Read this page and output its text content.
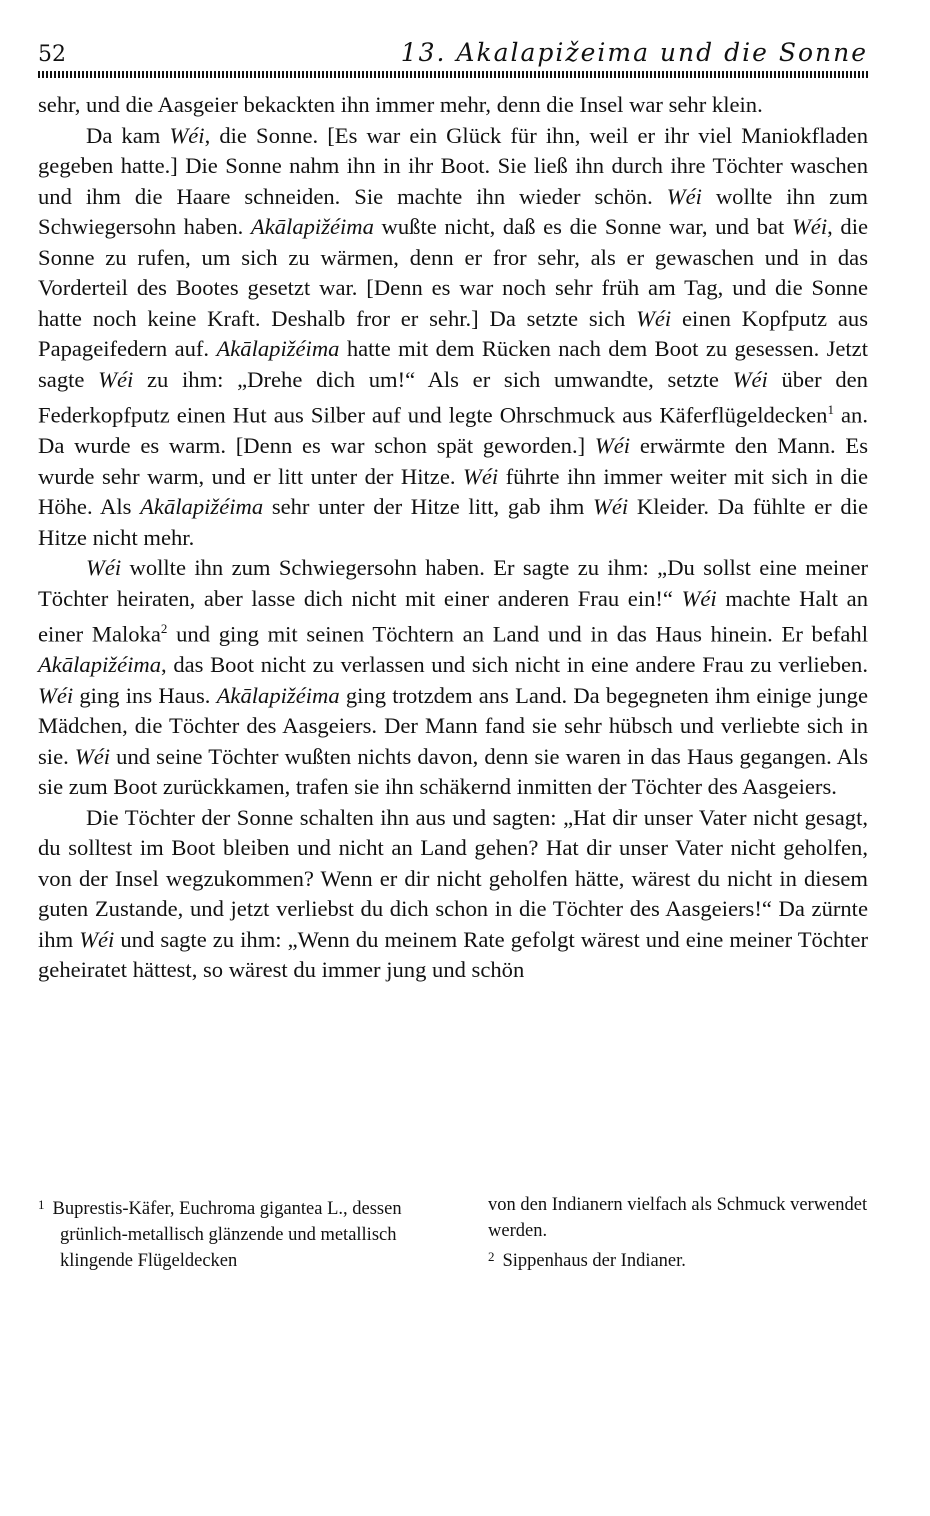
52	13. Akalapižeima und die Sonne

sehr, und die Aasgeier bekackten ihn immer mehr, denn die Insel war sehr klein.

Da kam Wéi, die Sonne. [Es war ein Glück für ihn, weil er ihr viel Maniokfladen gegeben hatte.] Die Sonne nahm ihn in ihr Boot. Sie ließ ihn durch ihre Töchter waschen und ihm die Haare schneiden. Sie machte ihn wieder schön. Wéi wollte ihn zum Schwiegersohn haben. Akālapižéima wußte nicht, daß es die Sonne war, und bat Wéi, die Sonne zu rufen, um sich zu wärmen, denn er fror sehr, als er gewaschen und in das Vorderteil des Bootes gesetzt war. [Denn es war noch sehr früh am Tag, und die Sonne hatte noch keine Kraft. Deshalb fror er sehr.] Da setzte sich Wéi einen Kopfputz aus Papageifedern auf. Akālapižéima hatte mit dem Rücken nach dem Boot zu gesessen. Jetzt sagte Wéi zu ihm: „Drehe dich um!“ Als er sich umwandte, setzte Wéi über den Federkopfputz einen Hut aus Silber auf und legte Ohrschmuck aus Käferflügeldecken$^1$ an. Da wurde es warm. [Denn es war schon spät geworden.] Wéi erwärmte den Mann. Es wurde sehr warm, und er litt unter der Hitze. Wéi führte ihn immer weiter mit sich in die Höhe. Als Akālapižéima sehr unter der Hitze litt, gab ihm Wéi Kleider. Da fühlte er die Hitze nicht mehr.

Wéi wollte ihn zum Schwiegersohn haben. Er sagte zu ihm: „Du sollst eine meiner Töchter heiraten, aber lasse dich nicht mit einer anderen Frau ein!“ Wéi machte Halt an einer Maloka$^2$ und ging mit seinen Töchtern an Land und in das Haus hinein. Er befahl Akālapižéima, das Boot nicht zu verlassen und sich nicht in eine andere Frau zu verlieben. Wéi ging ins Haus. Akālapižéima ging trotzdem ans Land. Da begegneten ihm einige junge Mädchen, die Töchter des Aasgeiers. Der Mann fand sie sehr hübsch und verliebte sich in sie. Wéi und seine Töchter wußten nichts davon, denn sie waren in das Haus gegangen. Als sie zum Boot zurückkamen, trafen sie ihn schäkernd inmitten der Töchter des Aasgeiers.

Die Töchter der Sonne schalten ihn aus und sagten: „Hat dir unser Vater nicht gesagt, du solltest im Boot bleiben und nicht an Land gehen? Hat dir unser Vater nicht geholfen, von der Insel wegzukommen? Wenn er dir nicht geholfen hätte, wärest du nicht in diesem guten Zustande, und jetzt verliebst du dich schon in die Töchter des Aasgeiers!“ Da zürnte ihm Wéi und sagte zu ihm: „Wenn du meinem Rate gefolgt wärest und eine meiner Töchter geheiratet hättest, so wärest du immer jung und schön

$^1$ Buprestis-Käfer, Euchroma gigantea L., dessen grünlich-metallisch glänzende und metallisch klingende Flügeldecken

von den Indianern vielfach als Schmuck verwendet werden.

$^2$ Sippenhaus der Indianer.
